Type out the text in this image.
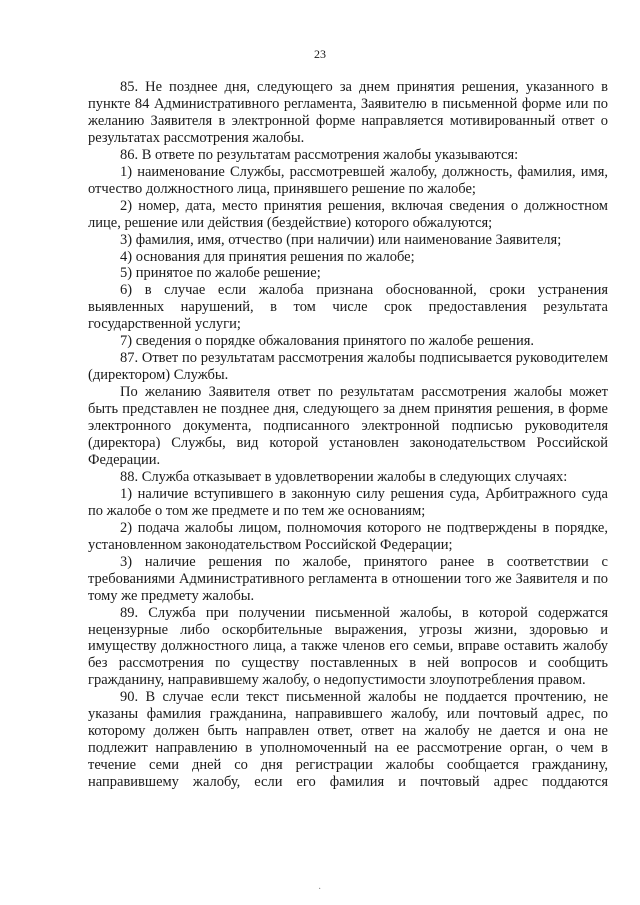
23

85. Не позднее дня, следующего за днем принятия решения, указанного в пункте 84 Административного регламента, Заявителю в письменной форме или по желанию Заявителя в электронной форме направляется мотивированный ответ о результатах рассмотрения жалобы.

86. В ответе по результатам рассмотрения жалобы указываются:

1) наименование Службы, рассмотревшей жалобу, должность, фамилия, имя, отчество должностного лица, принявшего решение по жалобе;

2) номер, дата, место принятия решения, включая сведения о должностном лице, решение или действия (бездействие) которого обжалуются;

3) фамилия, имя, отчество (при наличии) или наименование Заявителя;

4) основания для принятия решения по жалобе;

5) принятое по жалобе решение;

6) в случае если жалоба признана обоснованной, сроки устранения выявленных нарушений, в том числе срок предоставления результата государственной услуги;

7) сведения о порядке обжалования принятого по жалобе решения.

87. Ответ по результатам рассмотрения жалобы подписывается руководителем (директором) Службы.

По желанию Заявителя ответ по результатам рассмотрения жалобы может быть представлен не позднее дня, следующего за днем принятия решения, в форме электронного документа, подписанного электронной подписью руководителя (директора) Службы, вид которой установлен законодательством Российской Федерации.

88. Служба отказывает в удовлетворении жалобы в следующих случаях:

1) наличие вступившего в законную силу решения суда, Арбитражного суда по жалобе о том же предмете и по тем же основаниям;

2) подача жалобы лицом, полномочия которого не подтверждены в порядке, установленном законодательством Российской Федерации;

3) наличие решения по жалобе, принятого ранее в соответствии с требованиями Административного регламента в отношении того же Заявителя и по тому же предмету жалобы.

89. Служба при получении письменной жалобы, в которой содержатся нецензурные либо оскорбительные выражения, угрозы жизни, здоровью и имуществу должностного лица, а также членов его семьи, вправе оставить жалобу без рассмотрения по существу поставленных в ней вопросов и сообщить гражданину, направившему жалобу, о недопустимости злоупотребления правом.

90. В случае если текст письменной жалобы не поддается прочтению, не указаны фамилия гражданина, направившего жалобу, или почтовый адрес, по которому должен быть направлен ответ, ответ на жалобу не дается и она не подлежит направлению в уполномоченный на ее рассмотрение орган, о чем в течение семи дней со дня регистрации жалобы сообщается гражданину, направившему жалобу, если его фамилия и почтовый адрес поддаются

·
